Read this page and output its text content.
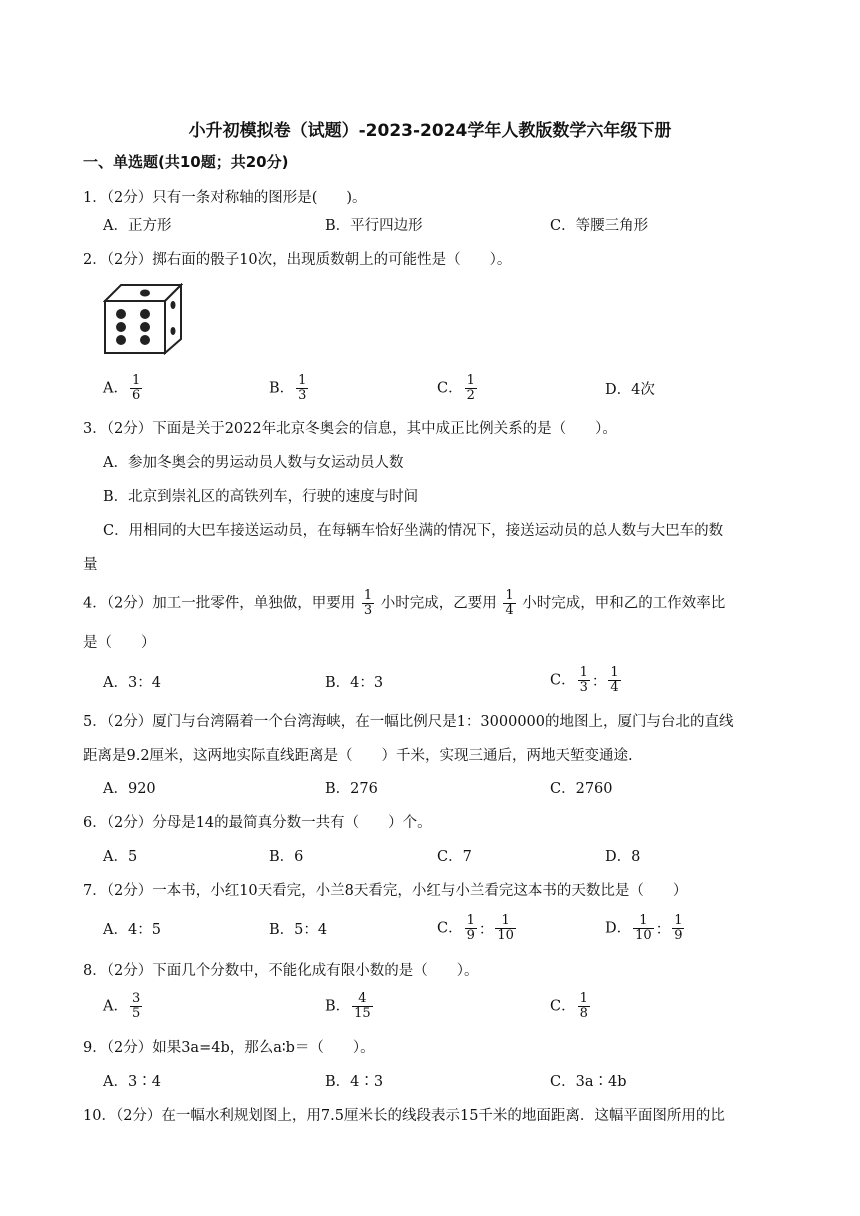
小升初模拟卷（试题）-2023-2024学年人教版数学六年级下册
一、单选题(共10题；共20分)
1．（2分）只有一条对称轴的图形是(　　)。
A．正方形	B．平行四边形	C．等腰三角形
2．（2分）掷右面的骰子10次，出现质数朝上的可能性是（　　）。
A． $\frac{1}{6}$	B． $\frac{1}{3}$	C． $\frac{1}{2}$	D．4次
3．（2分）下面是关于2022年北京冬奥会的信息，其中成正比例关系的是（　　）。
A．参加冬奥会的男运动员人数与女运动员人数
B．北京到崇礼区的高铁列车，行驶的速度与时间
C．用相同的大巴车接送运动员，在每辆车恰好坐满的情况下，接送运动员的总人数与大巴车的数
量
4．（2分）加工一批零件，单独做，甲要用 $\frac{1}{3}$ 小时完成，乙要用 $\frac{1}{4}$ 小时完成，甲和乙的工作效率比
是（　　）
A．3：4	B．4：3	C． $\frac{1}{3}$ ： $\frac{1}{4}$
5．（2分）厦门与台湾隔着一个台湾海峡，在一幅比例尺是1：3000000的地图上，厦门与台北的直线
距离是9.2厘米，这两地实际直线距离是（　　）千米，实现三通后，两地天堑变通途.
A．920	B．276	C．2760
6．（2分）分母是14的最简真分数一共有（　　）个。
A．5	B．6	C．7	D．8
7．（2分）一本书，小红10天看完，小兰8天看完，小红与小兰看完这本书的天数比是（　　）
A．4：5	B．5：4	C． $\frac{1}{9}$ ： $\frac{1}{10}$	D． $\frac{1}{10}$ ： $\frac{1}{9}$
8．（2分）下面几个分数中，不能化成有限小数的是（　　）。
A． $\frac{3}{5}$	B． $\frac{4}{15}$	C． $\frac{1}{8}$
9．（2分）如果3a=4b，那么a∶b＝（　　）。
A．3∶4	B．4∶3	C．3a∶4b
10．（2分）在一幅水利规划图上，用7.5厘米长的线段表示15千米的地面距离．这幅平面图所用的比
